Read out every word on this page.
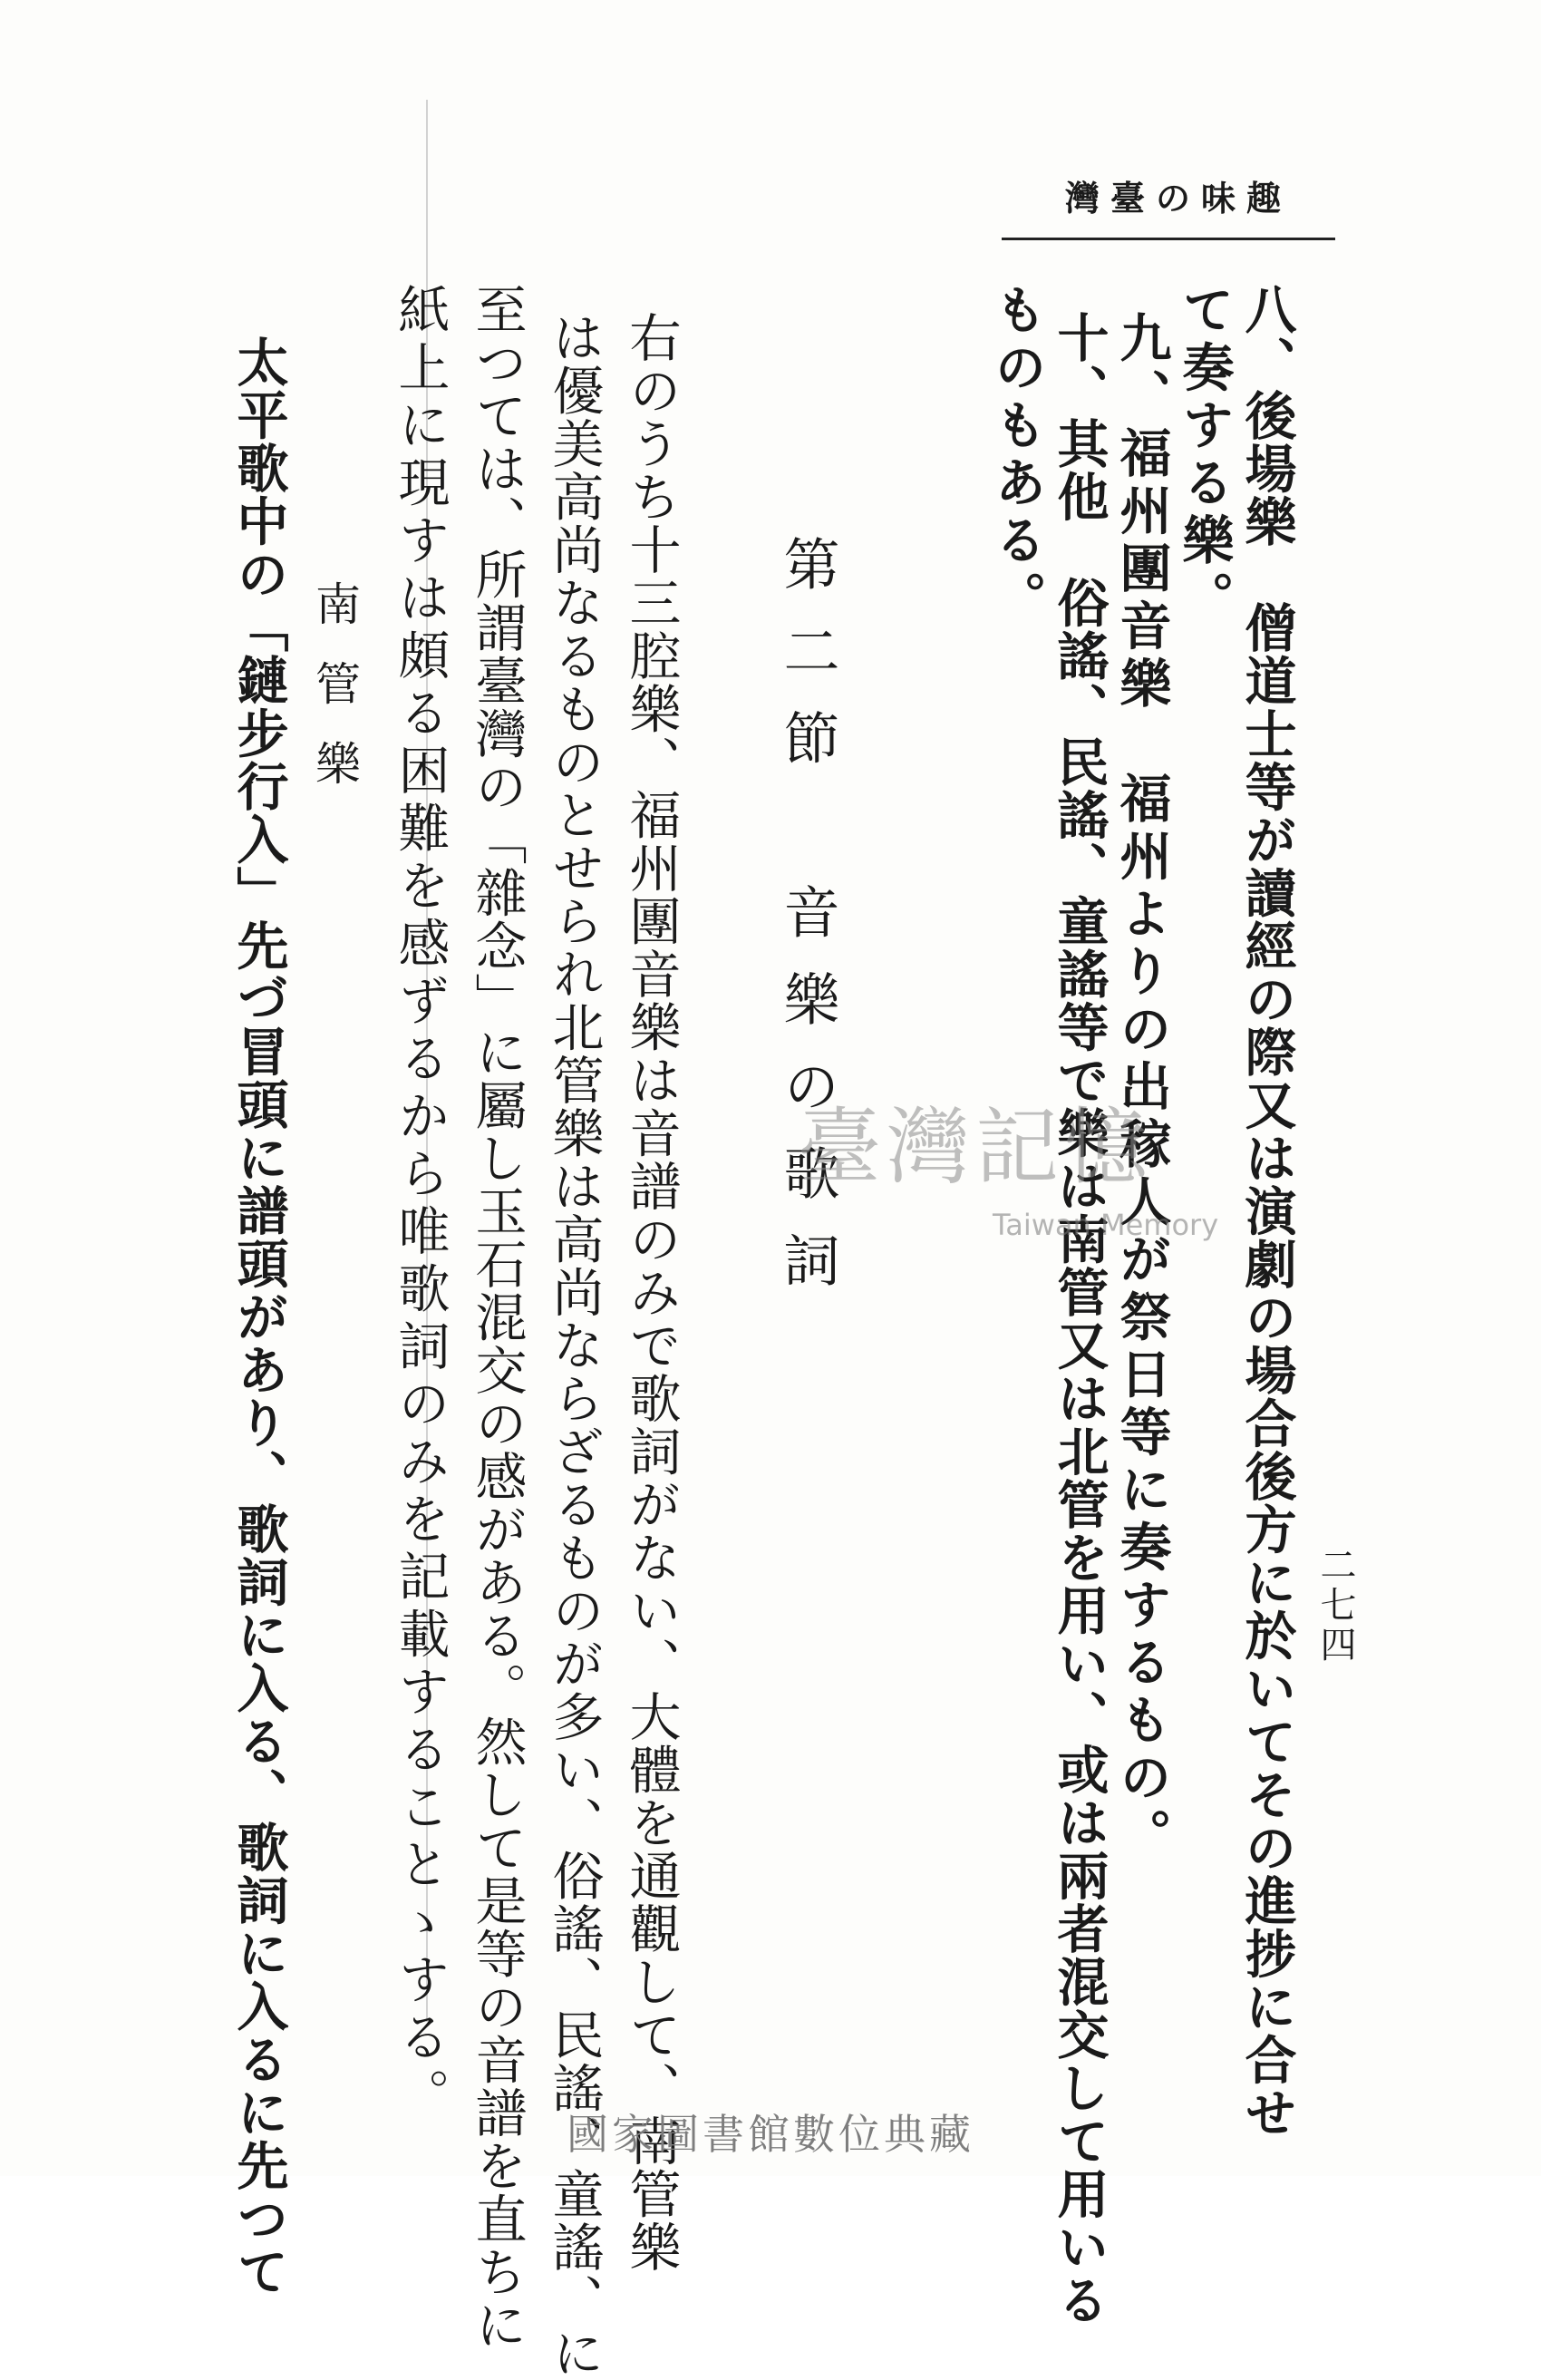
灣臺の味趣
二七四
八、後場樂　僧道士等が讀經の際又は演劇の場合後方に於いてその進捗に合せ
て奏する樂。
九、福州團音樂　福州よりの出稼人が祭日等に奏するもの。
十、其他　俗謠、民謠、童謠等で樂は南管又は北管を用い、或は兩者混交して用いる
ものもある。
第二節　音樂の歌詞
右のうち十三腔樂、福州團音樂は音譜のみで歌詞がない、大體を通觀して、南管樂
は優美高尚なるものとせられ北管樂は高尚ならざるものが多い、俗謠、民謠、童謠、に
至つては、所謂臺灣の「雜念」に屬し玉石混交の感がある。然して是等の音譜を直ちに
紙上に現すは頗る困難を感ずるから唯歌詞のみを記載することゝする。
南管樂
太平歌中の「鏈步行入」先づ冒頭に譜頭があり、歌詞に入る、歌詞に入るに先つて	臺灣記憶
Taiwan Memory
國家圖書館數位典藏
